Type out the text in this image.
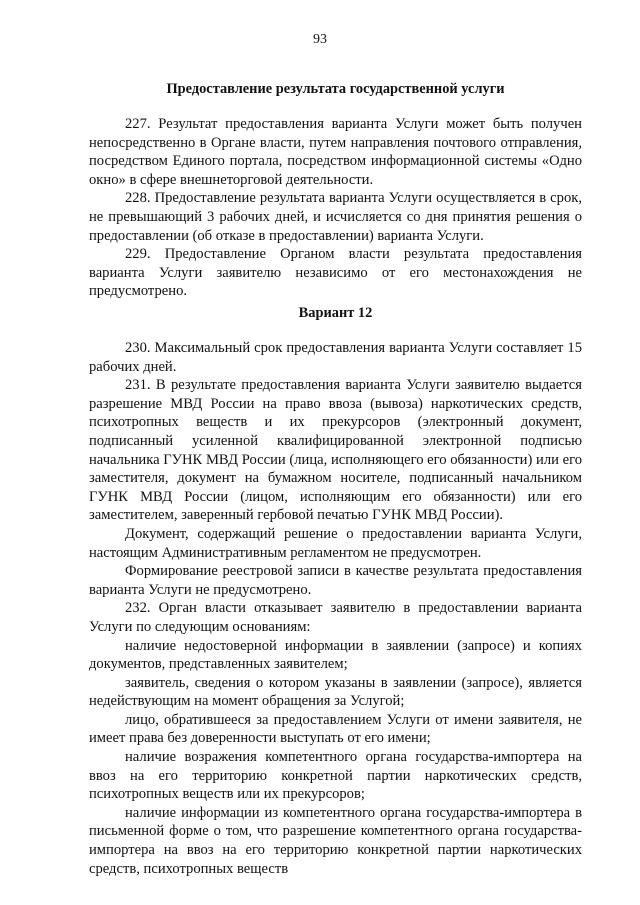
93
Предоставление результата государственной услуги

227. Результат предоставления варианта Услуги может быть получен непосредственно в Органе власти, путем направления почтового отправления, посредством Единого портала, посредством информационной системы «Одно окно» в сфере внешнеторговой деятельности.

228. Предоставление результата варианта Услуги осуществляется в срок, не превышающий 3 рабочих дней, и исчисляется со дня принятия решения о предоставлении (об отказе в предоставлении) варианта Услуги.

229. Предоставление Органом власти результата предоставления варианта Услуги заявителю независимо от его местонахождения не предусмотрено.

Вариант 12

230. Максимальный срок предоставления варианта Услуги составляет 15 рабочих дней.

231. В результате предоставления варианта Услуги заявителю выдается разрешение МВД России на право ввоза (вывоза) наркотических средств, психотропных веществ и их прекурсоров (электронный документ, подписанный усиленной квалифицированной электронной подписью начальника ГУНК МВД России (лица, исполняющего его обязанности) или его заместителя, документ на бумажном носителе, подписанный начальником ГУНК МВД России (лицом, исполняющим его обязанности) или его заместителем, заверенный гербовой печатью ГУНК МВД России).

Документ, содержащий решение о предоставлении варианта Услуги, настоящим Административным регламентом не предусмотрен.

Формирование реестровой записи в качестве результата предоставления варианта Услуги не предусмотрено.

232. Орган власти отказывает заявителю в предоставлении варианта Услуги по следующим основаниям:

наличие недостоверной информации в заявлении (запросе) и копиях документов, представленных заявителем;

заявитель, сведения о котором указаны в заявлении (запросе), является недействующим на момент обращения за Услугой;

лицо, обратившееся за предоставлением Услуги от имени заявителя, не имеет права без доверенности выступать от его имени;

наличие возражения компетентного органа государства-импортера на ввоз на его территорию конкретной партии наркотических средств, психотропных веществ или их прекурсоров;

наличие информации из компетентного органа государства-импортера в письменной форме о том, что разрешение компетентного органа государства-импортера на ввоз на его территорию конкретной партии наркотических средств, психотропных веществ
